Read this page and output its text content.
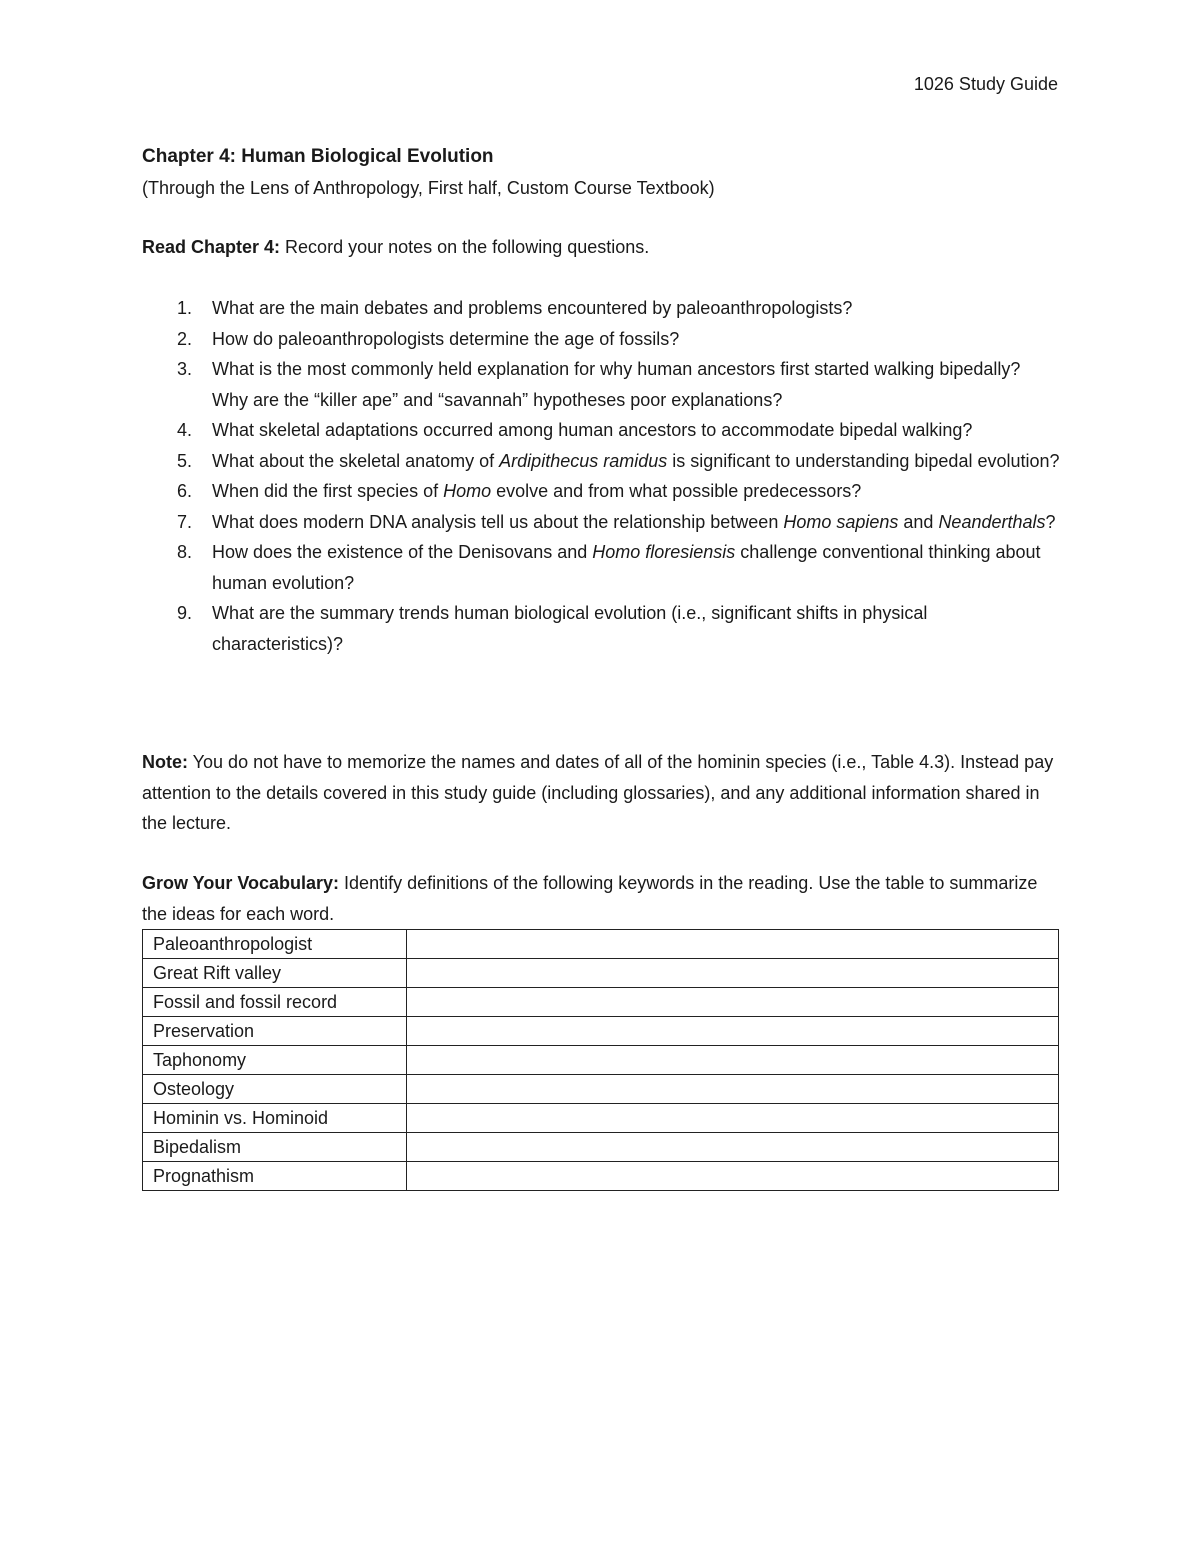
1026 Study Guide
Chapter 4: Human Biological Evolution
(Through the Lens of Anthropology, First half, Custom Course Textbook)
Read Chapter 4: Record your notes on the following questions.
1. What are the main debates and problems encountered by paleoanthropologists?
2. How do paleoanthropologists determine the age of fossils?
3. What is the most commonly held explanation for why human ancestors first started walking bipedally? Why are the “killer ape” and “savannah” hypotheses poor explanations?
4. What skeletal adaptations occurred among human ancestors to accommodate bipedal walking?
5. What about the skeletal anatomy of Ardipithecus ramidus is significant to understanding bipedal evolution?
6. When did the first species of Homo evolve and from what possible predecessors?
7. What does modern DNA analysis tell us about the relationship between Homo sapiens and Neanderthals?
8. How does the existence of the Denisovans and Homo floresiensis challenge conventional thinking about human evolution?
9. What are the summary trends human biological evolution (i.e., significant shifts in physical characteristics)?
Note: You do not have to memorize the names and dates of all of the hominin species (i.e., Table 4.3). Instead pay attention to the details covered in this study guide (including glossaries), and any additional information shared in the lecture.
Grow Your Vocabulary: Identify definitions of the following keywords in the reading. Use the table to summarize the ideas for each word.
Paleoanthropologist	
Great Rift valley	
Fossil and fossil record	
Preservation	
Taphonomy	
Osteology	
Hominin vs. Hominoid	
Bipedalism	
Prognathism	
